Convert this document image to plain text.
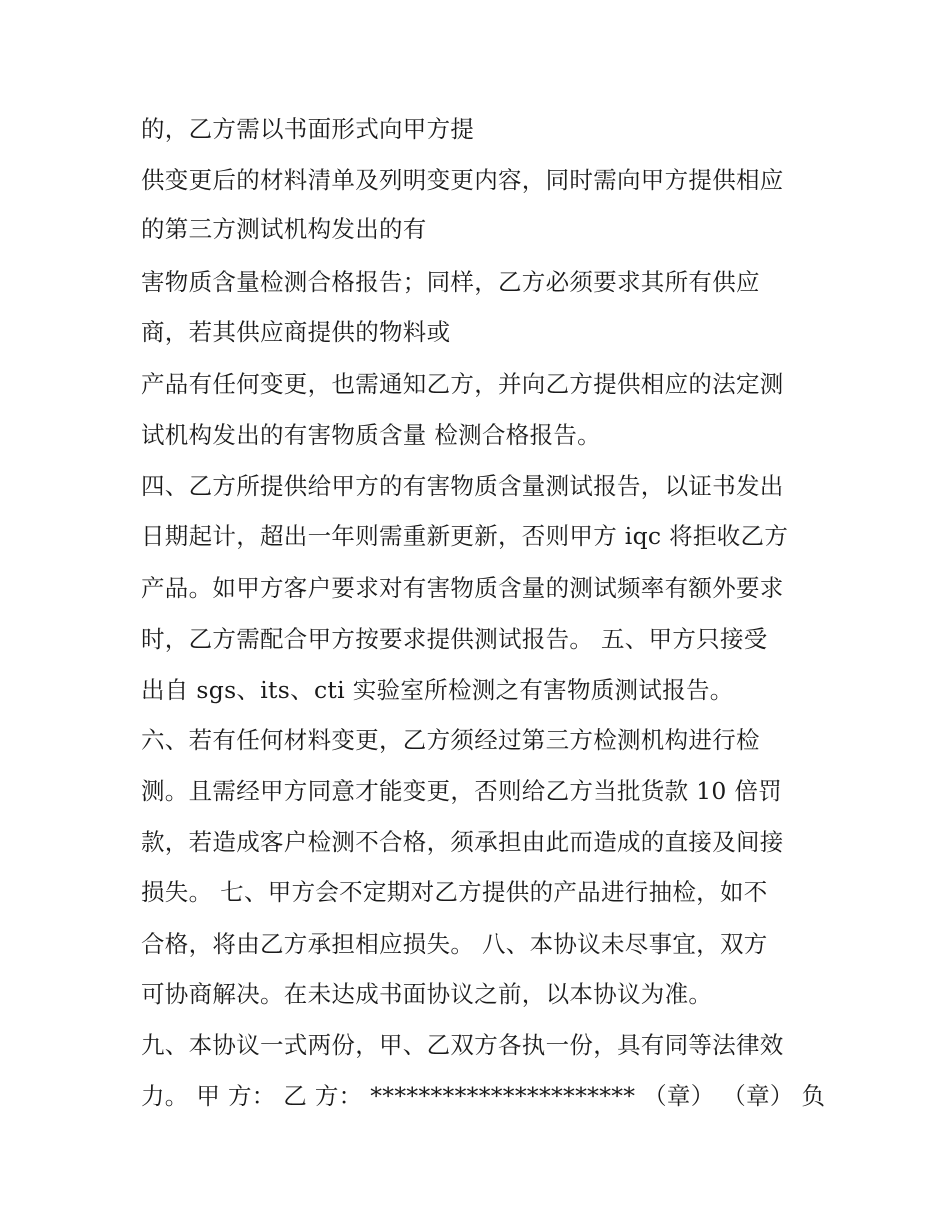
的，乙方需以书面形式向甲方提
供变更后的材料清单及列明变更内容，同时需向甲方提供相应
的第三方测试机构发出的有
害物质含量检测合格报告；同样，乙方必须要求其所有供应
商，若其供应商提供的物料或
产品有任何变更，也需通知乙方，并向乙方提供相应的法定测
试机构发出的有害物质含量 检测合格报告。
四、乙方所提供给甲方的有害物质含量测试报告，以证书发出
日期起计，超出一年则需重新更新，否则甲方 iqc 将拒收乙方
产品。如甲方客户要求对有害物质含量的测试频率有额外要求
时，乙方需配合甲方按要求提供测试报告。 五、甲方只接受
出自 sgs、its、cti 实验室所检测之有害物质测试报告。
六、若有任何材料变更，乙方须经过第三方检测机构进行检
测。且需经甲方同意才能变更，否则给乙方当批货款 10 倍罚
款，若造成客户检测不合格，须承担由此而造成的直接及间接
损失。 七、甲方会不定期对乙方提供的产品进行抽检，如不
合格，将由乙方承担相应损失。 八、本协议未尽事宜，双方
可协商解决。在未达成书面协议之前，以本协议为准。
九、本协议一式两份，甲、乙双方各执一份，具有同等法律效
力。 甲 方： 乙 方： ********************** （章） （章） 负
